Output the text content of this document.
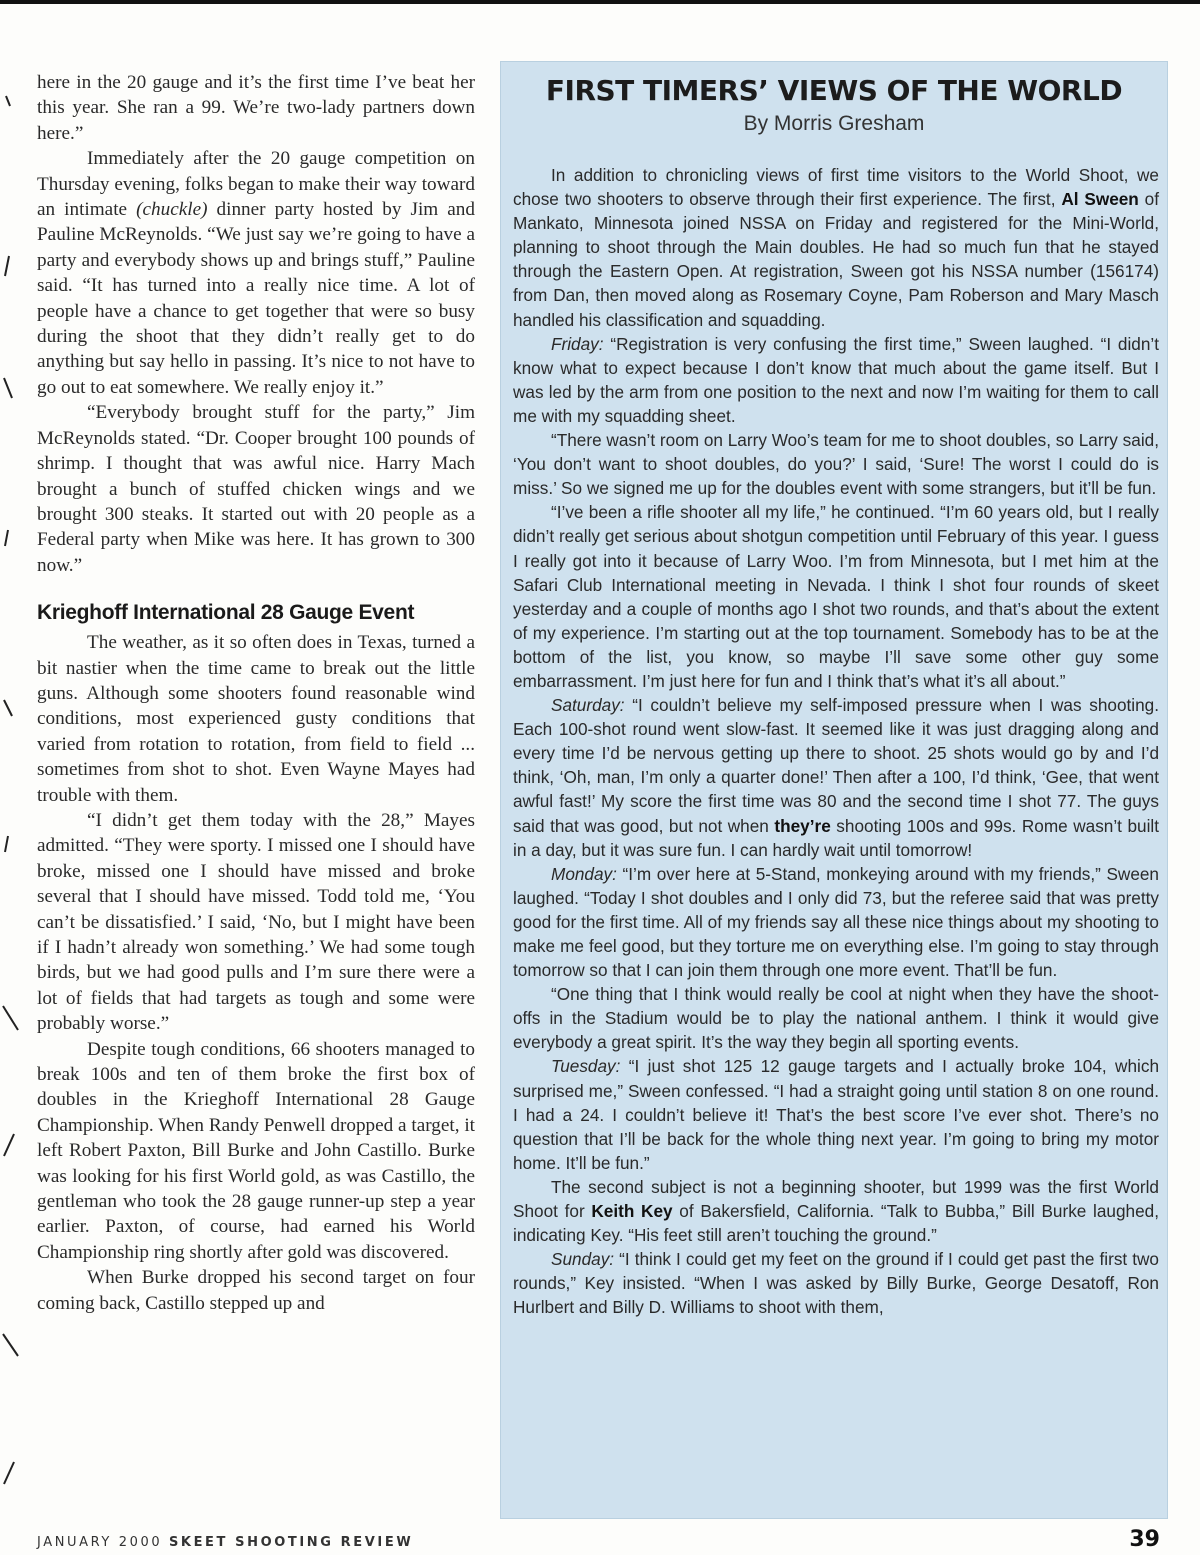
here in the 20 gauge and it’s the first time I’ve beat her this year. She ran a 99. We’re two-lady partners down here.”

Immediately after the 20 gauge competition on Thursday evening, folks began to make their way toward an intimate (chuckle) dinner party hosted by Jim and Pauline McReynolds. “We just say we’re going to have a party and everybody shows up and brings stuff,” Pauline said. “It has turned into a really nice time. A lot of people have a chance to get together that were so busy during the shoot that they didn’t really get to do anything but say hello in passing. It’s nice to not have to go out to eat somewhere. We really enjoy it.”

“Everybody brought stuff for the party,” Jim McReynolds stated. “Dr. Cooper brought 100 pounds of shrimp. I thought that was awful nice. Harry Mach brought a bunch of stuffed chicken wings and we brought 300 steaks. It started out with 20 people as a Federal party when Mike was here. It has grown to 300 now.”

Krieghoff International 28 Gauge Event

The weather, as it so often does in Texas, turned a bit nastier when the time came to break out the little guns. Although some shooters found reasonable wind conditions, most experienced gusty conditions that varied from rotation to rotation, from field to field ... sometimes from shot to shot. Even Wayne Mayes had trouble with them.

“I didn’t get them today with the 28,” Mayes admitted. “They were sporty. I missed one I should have broke, missed one I should have missed and broke several that I should have missed. Todd told me, ‘You can’t be dissatisfied.’ I said, ‘No, but I might have been if I hadn’t already won something.’ We had some tough birds, but we had good pulls and I’m sure there were a lot of fields that had targets as tough and some were probably worse.”

Despite tough conditions, 66 shooters managed to break 100s and ten of them broke the first box of doubles in the Krieghoff International 28 Gauge Championship. When Randy Penwell dropped a target, it left Robert Paxton, Bill Burke and John Castillo. Burke was looking for his first World gold, as was Castillo, the gentleman who took the 28 gauge runner-up step a year earlier. Paxton, of course, had earned his World Championship ring shortly after gold was discovered.

When Burke dropped his second target on four coming back, Castillo stepped up and

FIRST TIMERS’ VIEWS OF THE WORLD
By Morris Gresham

In addition to chronicling views of first time visitors to the World Shoot, we chose two shooters to observe through their first experience. The first, Al Sween of Mankato, Minnesota joined NSSA on Friday and registered for the Mini-World, planning to shoot through the Main doubles. He had so much fun that he stayed through the Eastern Open. At registration, Sween got his NSSA number (156174) from Dan, then moved along as Rosemary Coyne, Pam Roberson and Mary Masch handled his classification and squadding.

Friday: “Registration is very confusing the first time,” Sween laughed. “I didn’t know what to expect because I don’t know that much about the game itself. But I was led by the arm from one position to the next and now I’m waiting for them to call me with my squadding sheet.

“There wasn’t room on Larry Woo’s team for me to shoot doubles, so Larry said, ‘You don’t want to shoot doubles, do you?’ I said, ‘Sure! The worst I could do is miss.’ So we signed me up for the doubles event with some strangers, but it’ll be fun.

“I’ve been a rifle shooter all my life,” he continued. “I’m 60 years old, but I really didn’t really get serious about shotgun competition until February of this year. I guess I really got into it because of Larry Woo. I’m from Minnesota, but I met him at the Safari Club International meeting in Nevada. I think I shot four rounds of skeet yesterday and a couple of months ago I shot two rounds, and that’s about the extent of my experience. I’m starting out at the top tournament. Somebody has to be at the bottom of the list, you know, so maybe I’ll save some other guy some embarrassment. I’m just here for fun and I think that’s what it’s all about.”

Saturday: “I couldn’t believe my self-imposed pressure when I was shooting. Each 100-shot round went slow-fast. It seemed like it was just dragging along and every time I’d be nervous getting up there to shoot. 25 shots would go by and I’d think, ‘Oh, man, I’m only a quarter done!’ Then after a 100, I’d think, ‘Gee, that went awful fast!’ My score the first time was 80 and the second time I shot 77. The guys said that was good, but not when they’re shooting 100s and 99s. Rome wasn’t built in a day, but it was sure fun. I can hardly wait until tomorrow!

Monday: “I’m over here at 5-Stand, monkeying around with my friends,” Sween laughed. “Today I shot doubles and I only did 73, but the referee said that was pretty good for the first time. All of my friends say all these nice things about my shooting to make me feel good, but they torture me on everything else. I’m going to stay through tomorrow so that I can join them through one more event. That’ll be fun.

“One thing that I think would really be cool at night when they have the shoot-offs in the Stadium would be to play the national anthem. I think it would give everybody a great spirit. It’s the way they begin all sporting events.

Tuesday: “I just shot 125 12 gauge targets and I actually broke 104, which surprised me,” Sween confessed. “I had a straight going until station 8 on one round. I had a 24. I couldn’t believe it! That’s the best score I’ve ever shot. There’s no question that I’ll be back for the whole thing next year. I’m going to bring my motor home. It’ll be fun.”

The second subject is not a beginning shooter, but 1999 was the first World Shoot for Keith Key of Bakersfield, California. “Talk to Bubba,” Bill Burke laughed, indicating Key. “His feet still aren’t touching the ground.”

Sunday: “I think I could get my feet on the ground if I could get past the first two rounds,” Key insisted. “When I was asked by Billy Burke, George Desatoff, Ron Hurlbert and Billy D. Williams to shoot with them,

JANUARY 2000 SKEET SHOOTING REVIEW	39
